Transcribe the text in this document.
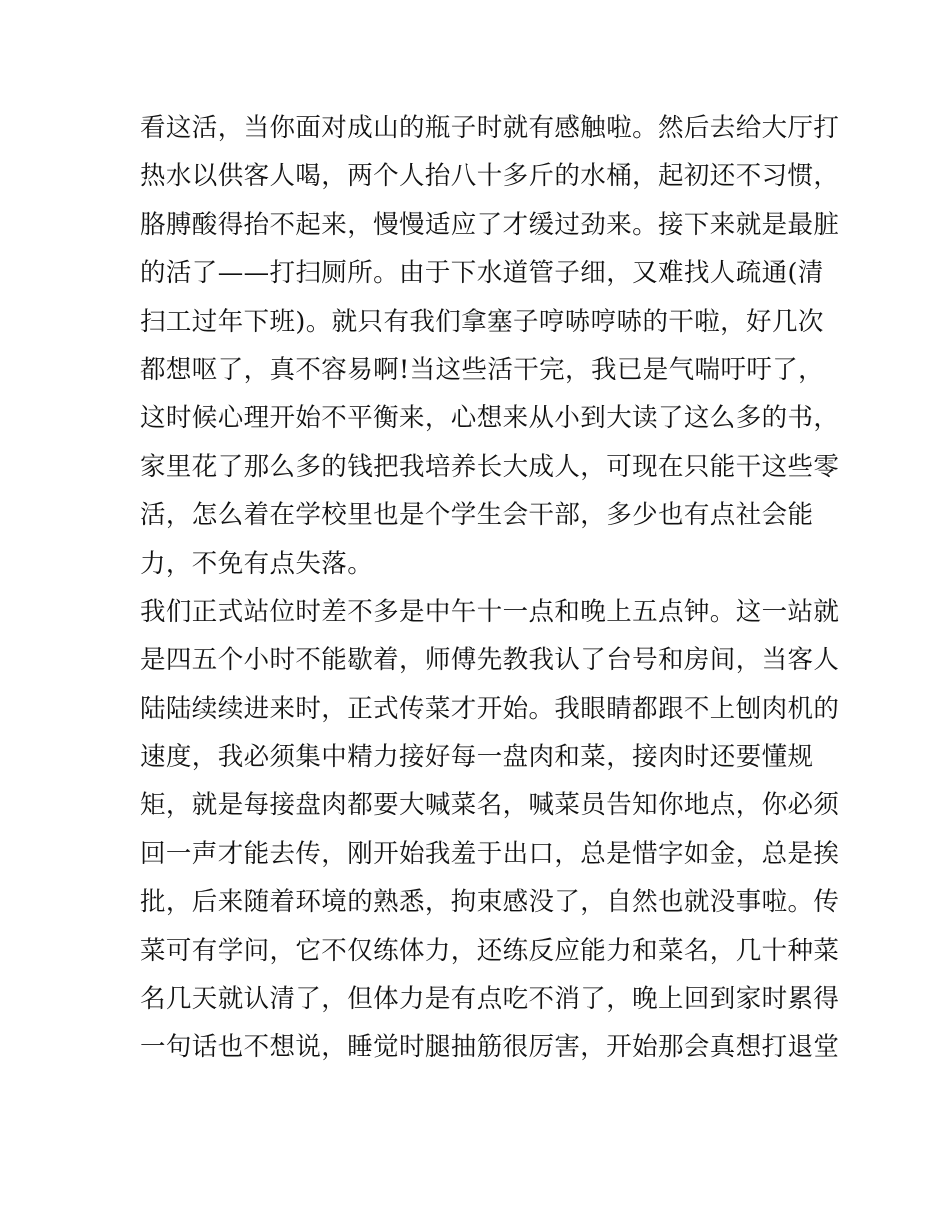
看这活，当你面对成山的瓶子时就有感触啦。然后去给大厅打
热水以供客人喝，两个人抬八十多斤的水桶，起初还不习惯，
胳膊酸得抬不起来，慢慢适应了才缓过劲来。接下来就是最脏
的活了——打扫厕所。由于下水道管子细，又难找人疏通(清
扫工过年下班)。就只有我们拿塞子哼哧哼哧的干啦，好几次
都想呕了，真不容易啊!当这些活干完，我已是气喘吁吁了，
这时候心理开始不平衡来，心想来从小到大读了这么多的书，
家里花了那么多的钱把我培养长大成人，可现在只能干这些零
活，怎么着在学校里也是个学生会干部，多少也有点社会能
力，不免有点失落。
我们正式站位时差不多是中午十一点和晚上五点钟。这一站就
是四五个小时不能歇着，师傅先教我认了台号和房间，当客人
陆陆续续进来时，正式传菜才开始。我眼睛都跟不上刨肉机的
速度，我必须集中精力接好每一盘肉和菜，接肉时还要懂规
矩，就是每接盘肉都要大喊菜名，喊菜员告知你地点，你必须
回一声才能去传，刚开始我羞于出口，总是惜字如金，总是挨
批，后来随着环境的熟悉，拘束感没了，自然也就没事啦。传
菜可有学问，它不仅练体力，还练反应能力和菜名，几十种菜
名几天就认清了，但体力是有点吃不消了，晚上回到家时累得
一句话也不想说，睡觉时腿抽筋很厉害，开始那会真想打退堂
